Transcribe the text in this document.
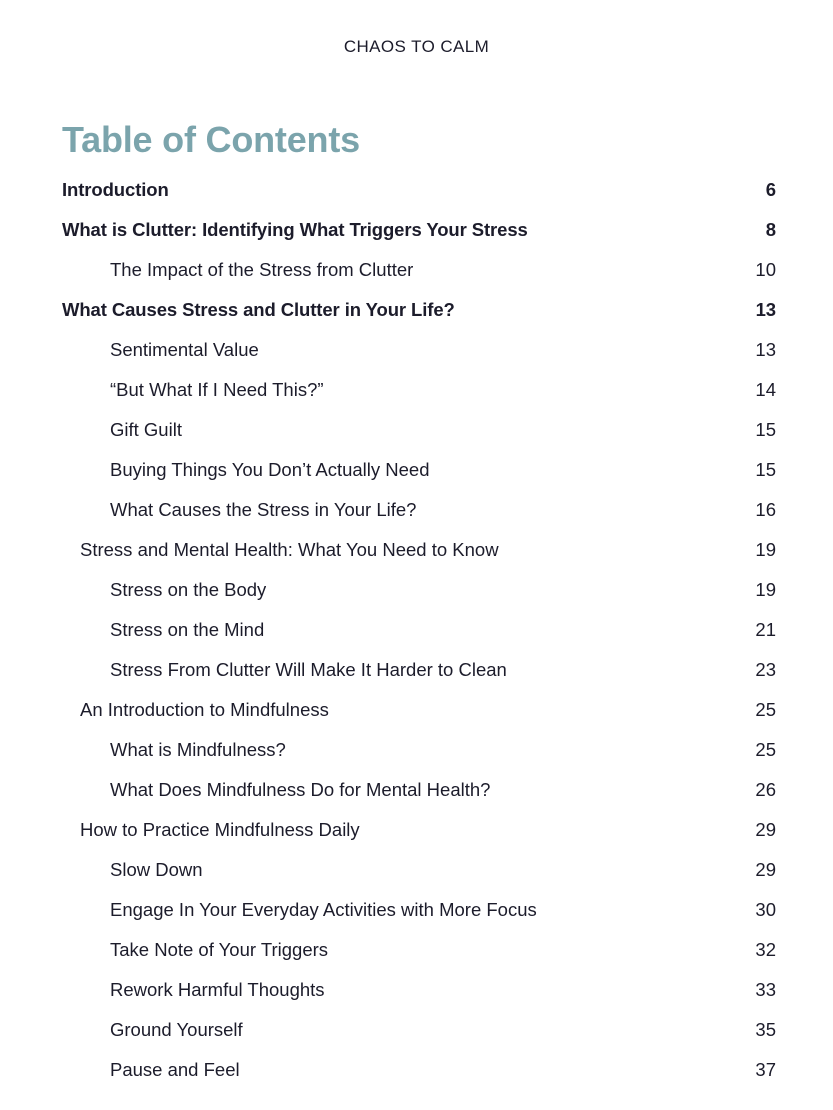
CHAOS TO CALM
Table of Contents
Introduction	6
What is Clutter: Identifying What Triggers Your Stress	8
The Impact of the Stress from Clutter	10
What Causes Stress and Clutter in Your Life?	13
Sentimental Value	13
“But What If I Need This?”	14
Gift Guilt	15
Buying Things You Don’t Actually Need	15
What Causes the Stress in Your Life?	16
Stress and Mental Health: What You Need to Know	19
Stress on the Body	19
Stress on the Mind	21
Stress From Clutter Will Make It Harder to Clean	23
An Introduction to Mindfulness	25
What is Mindfulness?	25
What Does Mindfulness Do for Mental Health?	26
How to Practice Mindfulness Daily	29
Slow Down	29
Engage In Your Everyday Activities with More Focus	30
Take Note of Your Triggers	32
Rework Harmful Thoughts	33
Ground Yourself	35
Pause and Feel	37
